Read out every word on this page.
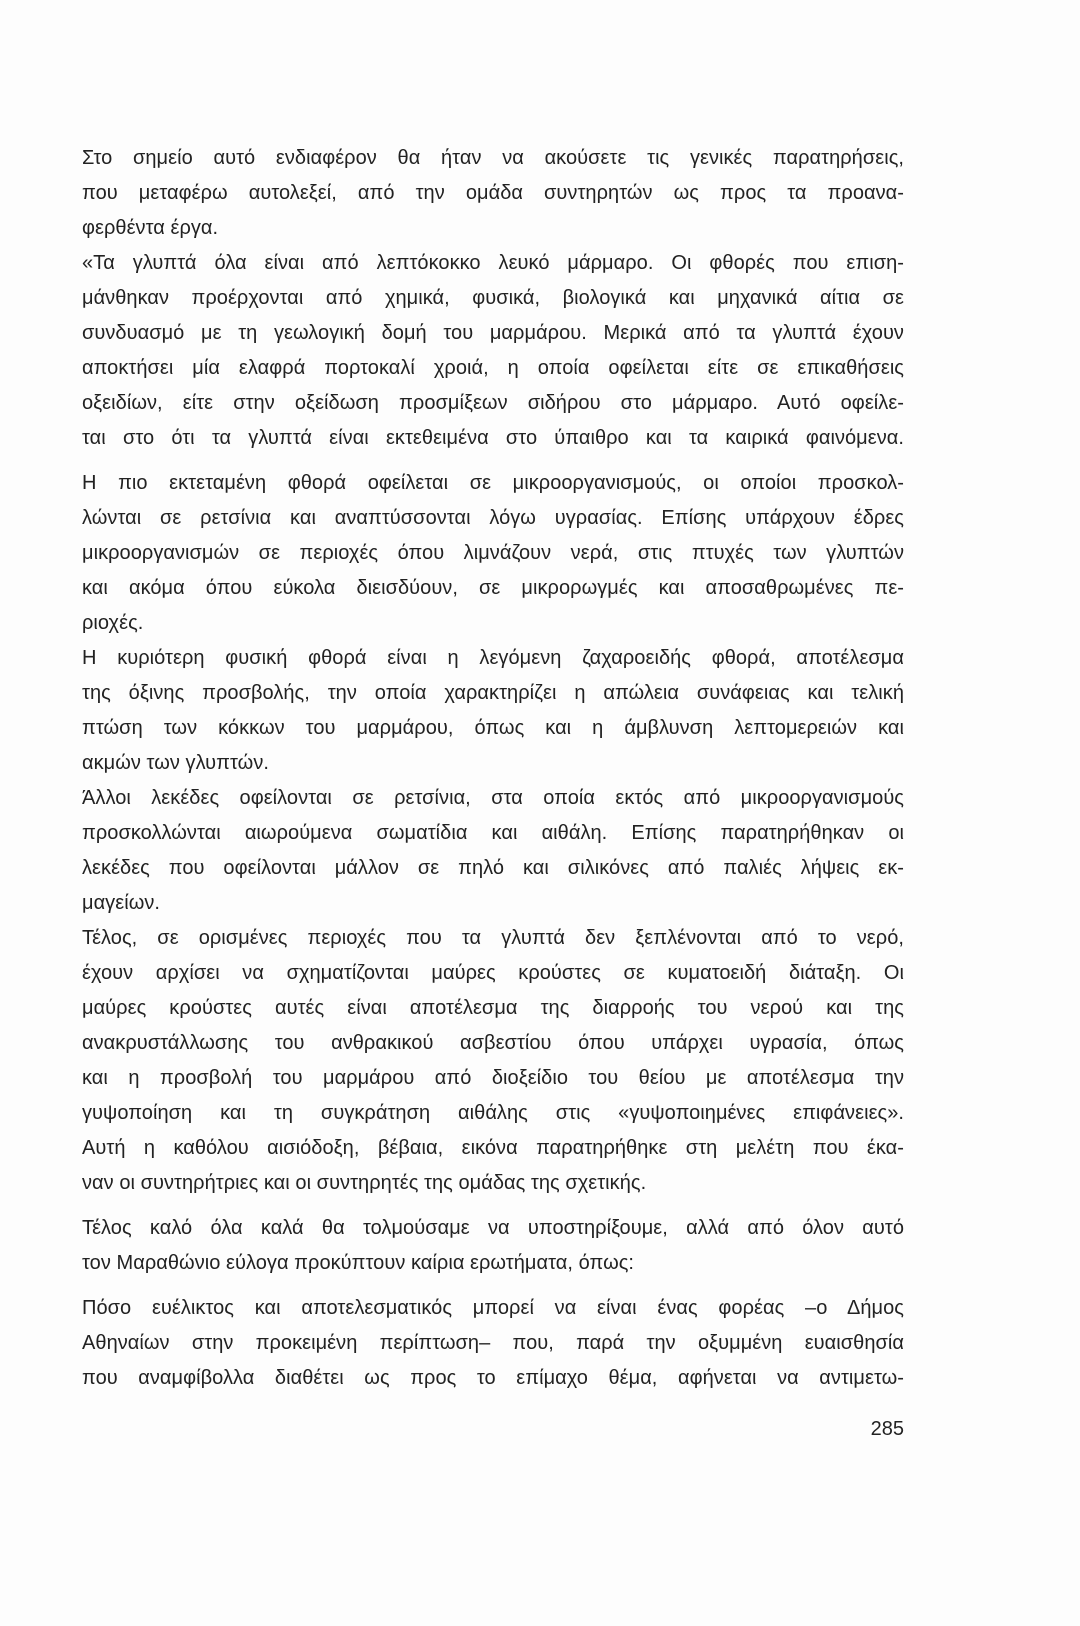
Στο σημείο αυτό ενδιαφέρον θα ήταν να ακούσετε τις γενικές παρατηρήσεις,
που μεταφέρω αυτολεξεί, από την ομάδα συντηρητών ως προς τα προανα-
φερθέντα έργα.
«Τα γλυπτά όλα είναι από λεπτόκοκκο λευκό μάρμαρο. Οι φθορές που επιση-
μάνθηκαν προέρχονται από χημικά, φυσικά, βιολογικά και μηχανικά αίτια σε
συνδυασμό με τη γεωλογική δομή του μαρμάρου. Μερικά από τα γλυπτά έχουν
αποκτήσει μία ελαφρά πορτοκαλί χροιά, η οποία οφείλεται είτε σε επικαθήσεις
οξειδίων, είτε στην οξείδωση προσμίξεων σιδήρου στο μάρμαρο. Αυτό οφείλε-
ται στο ότι τα γλυπτά είναι εκτεθειμένα στο ύπαιθρο και τα καιρικά φαινόμενα.
Η πιο εκτεταμένη φθορά οφείλεται σε μικροοργανισμούς, οι οποίοι προσκολ-
λώνται σε ρετσίνια και αναπτύσσονται λόγω υγρασίας. Επίσης υπάρχουν έδρες
μικροοργανισμών σε περιοχές όπου λιμνάζουν νερά, στις πτυχές των γλυπτών
και ακόμα όπου εύκολα διεισδύουν, σε μικρορωγμές και αποσαθρωμένες πε-
ριοχές.
Η κυριότερη φυσική φθορά είναι η λεγόμενη ζαχαροειδής φθορά, αποτέλεσμα
της όξινης προσβολής, την οποία χαρακτηρίζει η απώλεια συνάφειας και τελική
πτώση των κόκκων του μαρμάρου, όπως και η άμβλυνση λεπτομερειών και
ακμών των γλυπτών.
Άλλοι λεκέδες οφείλονται σε ρετσίνια, στα οποία εκτός από μικροοργανισμούς
προσκολλώνται αιωρούμενα σωματίδια και αιθάλη. Επίσης παρατηρήθηκαν οι
λεκέδες που οφείλονται μάλλον σε πηλό και σιλικόνες από παλιές λήψεις εκ-
μαγείων.
Τέλος, σε ορισμένες περιοχές που τα γλυπτά δεν ξεπλένονται από το νερό,
έχουν αρχίσει να σχηματίζονται μαύρες κρούστες σε κυματοειδή διάταξη. Οι
μαύρες κρούστες αυτές είναι αποτέλεσμα της διαρροής του νερού και της
ανακρυστάλλωσης του ανθρακικού ασβεστίου όπου υπάρχει υγρασία, όπως
και η προσβολή του μαρμάρου από διοξείδιο του θείου με αποτέλεσμα την
γυψοποίηση και τη συγκράτηση αιθάλης στις «γυψοποιημένες επιφάνειες».
Αυτή η καθόλου αισιόδοξη, βέβαια, εικόνα παρατηρήθηκε στη μελέτη που έκα-
ναν οι συντηρήτριες και οι συντηρητές της ομάδας της σχετικής.
Τέλος καλό όλα καλά θα τολμούσαμε να υποστηρίξουμε, αλλά από όλον αυτό
τον Μαραθώνιο εύλογα προκύπτουν καίρια ερωτήματα, όπως:
Πόσο ευέλικτος και αποτελεσματικός μπορεί να είναι ένας φορέας –ο Δήμος
Αθηναίων στην προκειμένη περίπτωση– που, παρά την οξυμμένη ευαισθησία
που αναμφίβολλα διαθέτει ως προς το επίμαχο θέμα, αφήνεται να αντιμετω-
285
